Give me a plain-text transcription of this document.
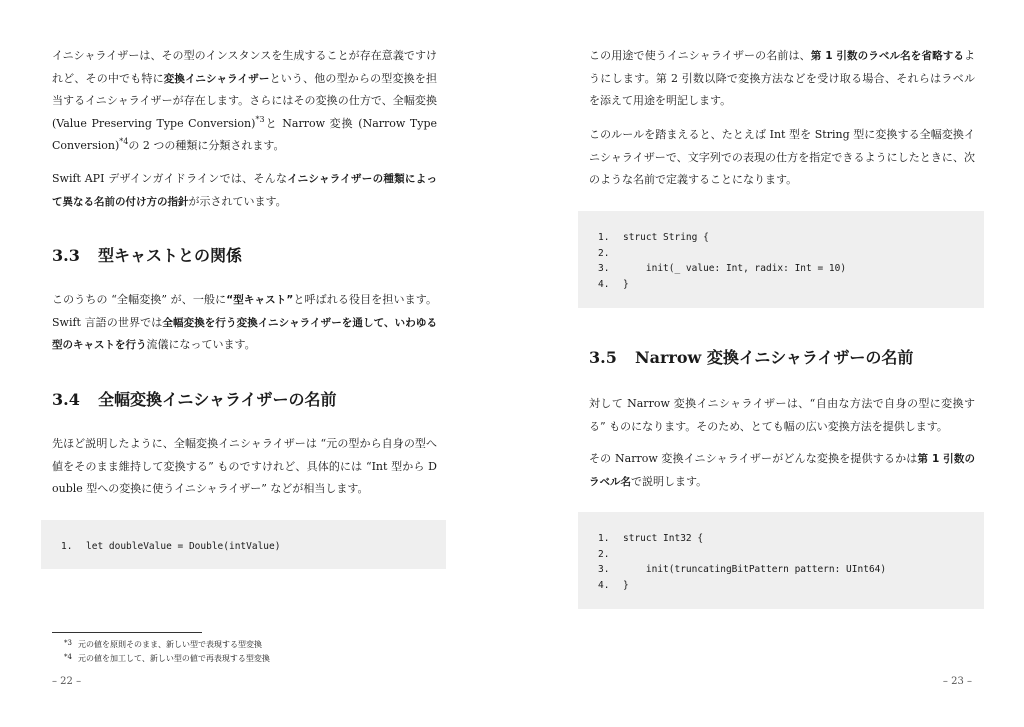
イニシャライザーは、その型のインスタンスを生成することが存在意義ですけれど、その中でも特に変換イニシャライザーという、他の型からの型変換を担当するイニシャライザーが存在します。さらにはその変換の仕方で、全幅変換 (Value Preserving Type Conversion)$^{*3}$と Narrow 変換 (Narrow Type Conversion)$^{*4}$の 2 つの種類に分類されます。

Swift API デザインガイドラインでは、そんなイニシャライザーの種類によって異なる名前の付け方の指針が示されています。

3.3 型キャストとの関係

このうちの “全幅変換” が、一般に“型キャスト”と呼ばれる役目を担います。Swift 言語の世界では全幅変換を行う変換イニシャライザーを通して、いわゆる型のキャストを行う流儀になっています。

3.4 全幅変換イニシャライザーの名前

先ほど説明したように、全幅変換イニシャライザーは “元の型から自身の型へ値をそのまま維持して変換する” ものですけれど、具体的には “Int 型から Double 型への変換に使うイニシャライザー” などが相当します。

1. let doubleValue = Double(intValue)
*3 元の値を原則そのまま、新しい型で表現する型変換
*4 元の値を加工して、新しい型の値で再表現する型変換
– 22 –

この用途で使うイニシャライザーの名前は、第 1 引数のラベル名を省略するようにします。第 2 引数以降で変換方法などを受け取る場合、それらはラベルを添えて用途を明記します。

このルールを踏まえると、たとえば Int 型を String 型に変換する全幅変換イニシャライザーで、文字列での表現の仕方を指定できるようにしたときに、次のような名前で定義することになります。

1. struct String {
2.
3.    init(_ value: Int, radix: Int = 10)
4. }
3.5 Narrow 変換イニシャライザーの名前

対して Narrow 変換イニシャライザーは、“自由な方法で自身の型に変換する” ものになります。そのため、とても幅の広い変換方法を提供します。

その Narrow 変換イニシャライザーがどんな変換を提供するかは第 1 引数のラベル名で説明します。

1. struct Int32 {
2.
3.    init(truncatingBitPattern pattern: UInt64)
4. }
– 23 –
